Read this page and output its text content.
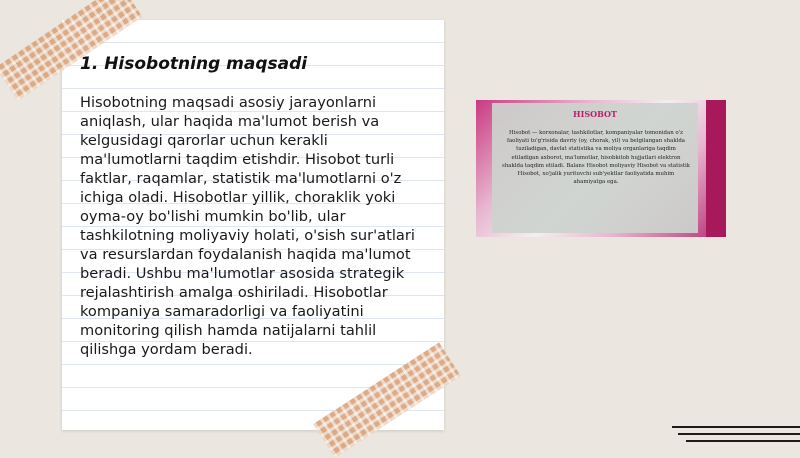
1. Hisobotning maqsadi

Hisobotning maqsadi asosiy jarayonlarni aniqlash, ular haqida ma'lumot berish va kelgusidagi qarorlar uchun kerakli ma'lumotlarni taqdim etishdir. Hisobot turli faktlar, raqamlar, statistik ma'lumotlarni o'z ichiga oladi. Hisobotlar yillik, choraklik yoki oyma-oy bo'lishi mumkin bo'lib, ular tashkilotning moliyaviy holati, o'sish sur'atlari va resurslardan foydalanish haqida ma'lumot beradi. Ushbu ma'lumotlar asosida strategik rejalashtirish amalga oshiriladi. Hisobotlar kompaniya samaradorligi va faoliyatini monitoring qilish hamda natijalarni tahlil qilishga yordam beradi.

HISOBOT

Hisobot — korxonalar, tashkilotlar, kompaniyalar tomonidan o'z faoliyati to'g'risida davriy (oy, chorak, yil) va belgilangan shaklda tuziladigan, davlat statistika va moliya organlariga taqdim etiladigan axborot, ma'lumotlar, hisobkitob hujjatlari elektron shaklda taqdim etiladi. Balans Hisobot moliyaviy Hisobot va statistik Hisobot, xo'jalik yurituvchi sub'yektlar faoliyatida muhim ahamiyatga ega.
